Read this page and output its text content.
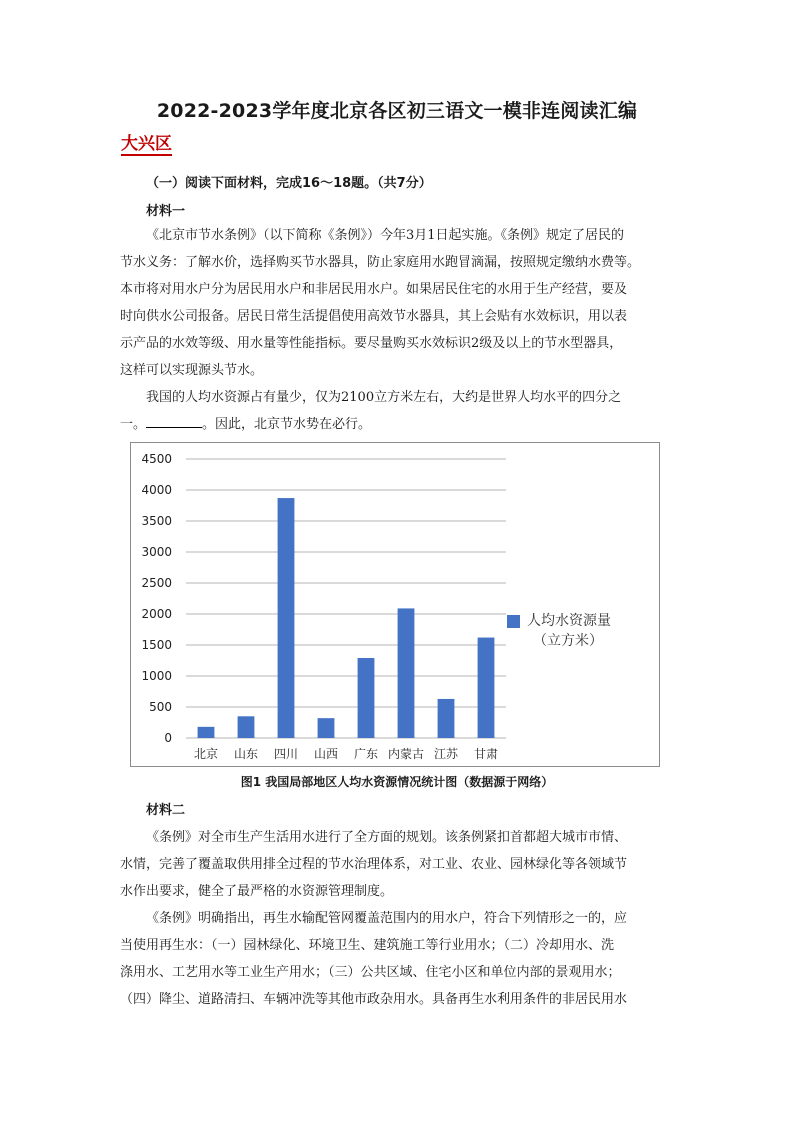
2022-2023学年度北京各区初三语文一模非连阅读汇编
大兴区
（一）阅读下面材料，完成16～18题。（共7分）
材料一
《北京市节水条例》（以下简称《条例》）今年3月1日起实施。《条例》规定了居民的
节水义务：了解水价，选择购买节水器具，防止家庭用水跑冒滴漏，按照规定缴纳水费等。
本市将对用水户分为居民用水户和非居民用水户。如果居民住宅的水用于生产经营，要及
时向供水公司报备。居民日常生活提倡使用高效节水器具，其上会贴有水效标识，用以表
示产品的水效等级、用水量等性能指标。要尽量购买水效标识2级及以上的节水型器具，
这样可以实现源头节水。
我国的人均水资源占有量少，仅为2100立方米左右，大约是世界人均水平的四分之
一。	。因此，北京节水势在必行。
4500
4000
3500
3000
2500
2000
1500
1000
500
0
北京 山东 四川 山西 广东 内蒙古 江苏 甘肃
人均水资源量
（立方米）
图1 我国局部地区人均水资源情况统计图（数据源于网络）
材料二
《条例》对全市生产生活用水进行了全方面的规划。该条例紧扣首都超大城市市情、
水情，完善了覆盖取供用排全过程的节水治理体系，对工业、农业、园林绿化等各领域节
水作出要求，健全了最严格的水资源管理制度。
《条例》明确指出，再生水输配管网覆盖范围内的用水户，符合下列情形之一的，应
当使用再生水：（一）园林绿化、环境卫生、建筑施工等行业用水；（二）冷却用水、洗
涤用水、工艺用水等工业生产用水；（三）公共区域、住宅小区和单位内部的景观用水；
（四）降尘、道路清扫、车辆冲洗等其他市政杂用水。具备再生水利用条件的非居民用水
